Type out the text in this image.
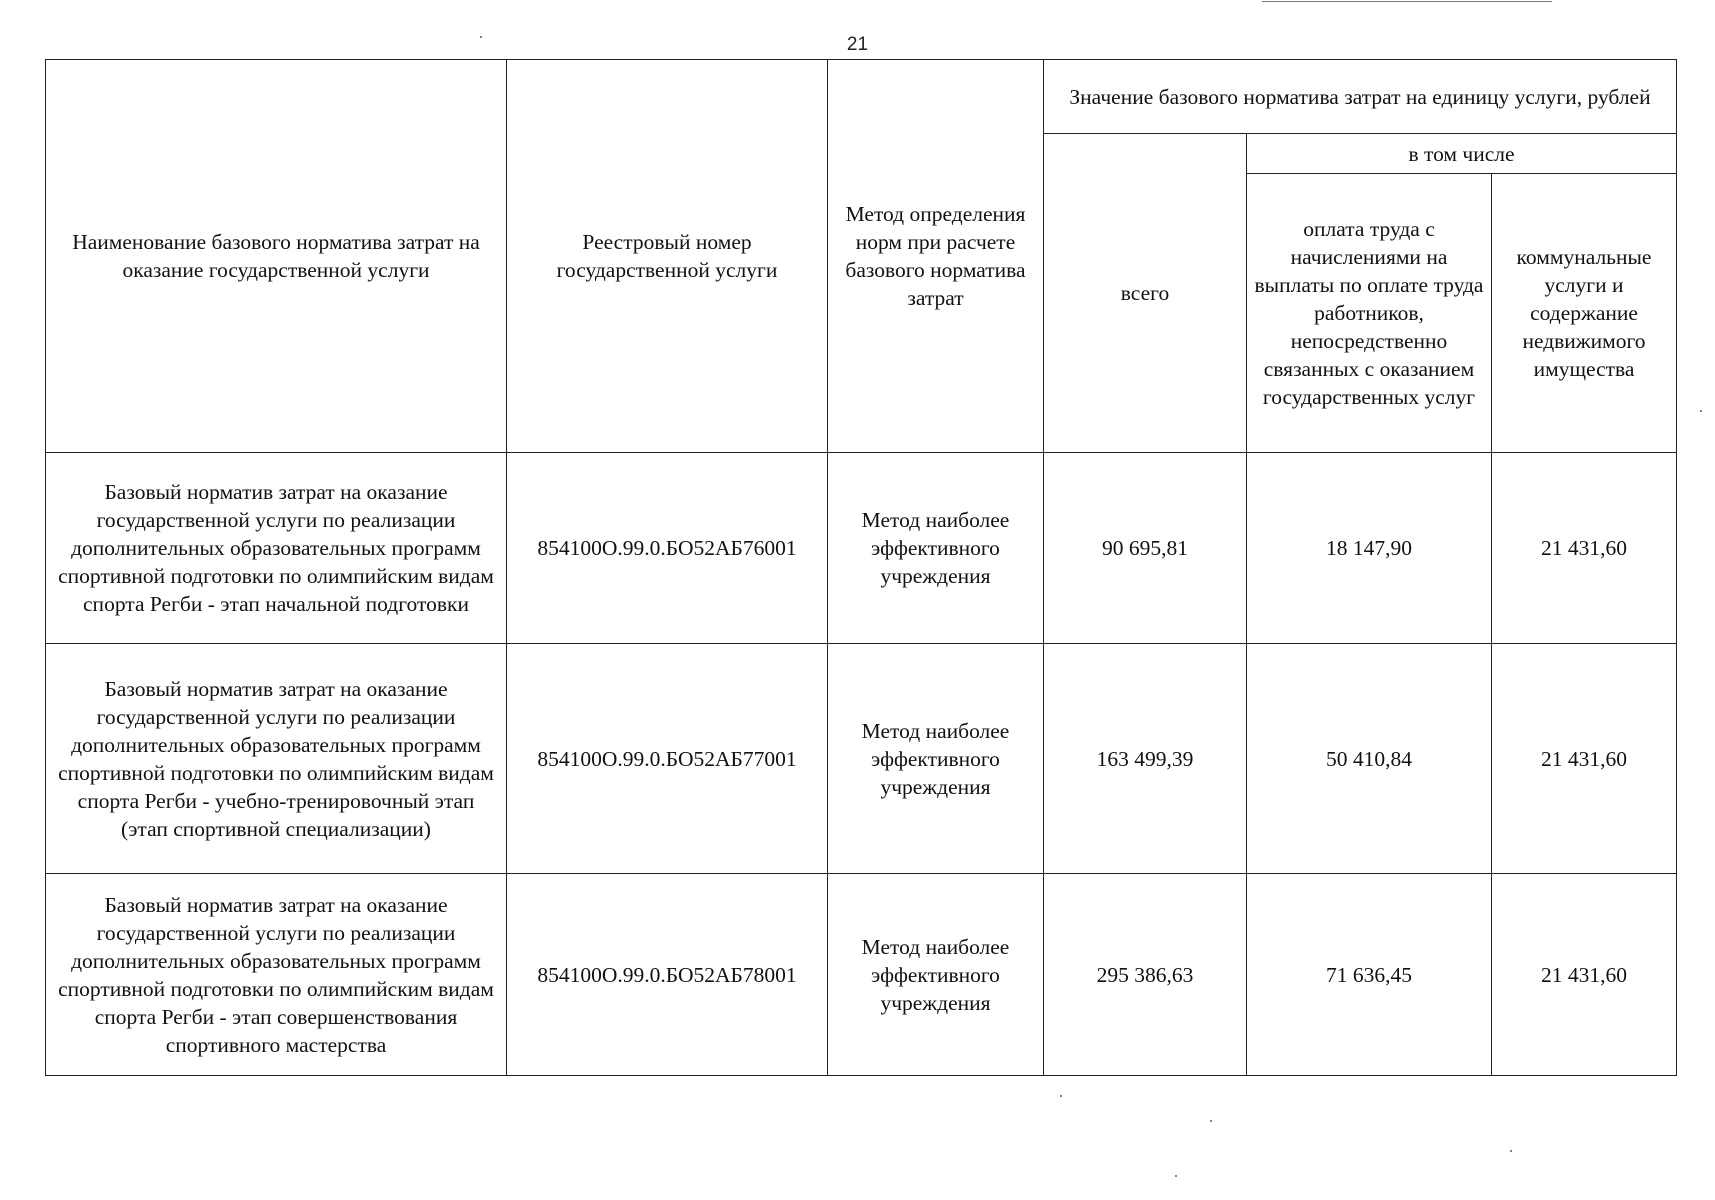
21
Наименование базового норматива затрат на оказание государственной услуги	Реестровый номер государственной услуги	Метод определения норм при расчете базового норматива затрат	Значение базового норматива затрат на единицу услуги, рублей		
			всего	в том числе	
				оплата труда с начислениями на выплаты по оплате труда работников, непосредственно связанных с оказанием государственных услуг	коммунальные услуги и содержание недвижимого имущества
Базовый норматив затрат на оказание государственной услуги по реализации дополнительных образовательных программ спортивной подготовки по олимпийским видам спорта Регби - этап начальной подготовки	854100О.99.0.БО52АБ76001	Метод наиболее эффективного учреждения	90 695,81	18 147,90	21 431,60
Базовый норматив затрат на оказание государственной услуги по реализации дополнительных образовательных программ спортивной подготовки по олимпийским видам спорта Регби - учебно-тренировочный этап (этап спортивной специализации)	854100О.99.0.БО52АБ77001	Метод наиболее эффективного учреждения	163 499,39	50 410,84	21 431,60
Базовый норматив затрат на оказание государственной услуги по реализации дополнительных образовательных программ спортивной подготовки по олимпийским видам спорта Регби - этап совершенствования спортивного мастерства	854100О.99.0.БО52АБ78001	Метод наиболее эффективного учреждения	295 386,63	71 636,45	21 431,60
